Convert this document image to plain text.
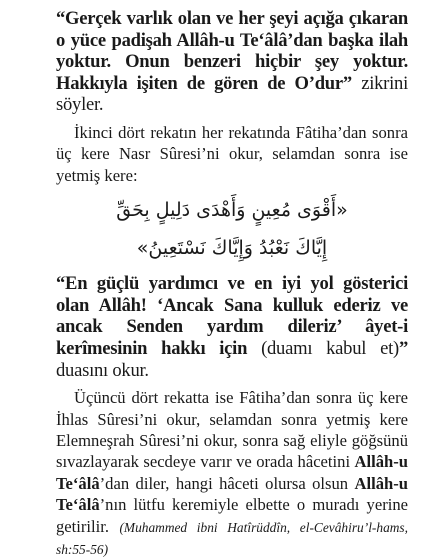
“Gerçek varlık olan ve her şeyi açığa çıkaran o yüce padişah Allâh-u Te‘âlâ’dan başka ilah yoktur. Onun benzeri hiçbir şey yoktur. Hakkıyla işiten de gören de O’dur” zikrini söyler.

İkinci dört rekatın her rekatında Fâtiha’dan sonra üç kere Nasr Sûresi’ni okur, selamdan sonra ise yetmiş kere:

«أَقْوَى مُعِينٍ وَأَهْدَى دَلِيلٍ بِحَقِّ
إِيَّاكَ نَعْبُدُ وَإِيَّاكَ نَسْتَعِينُ»

“En güçlü yardımcı ve en iyi yol gösterici olan Allâh! ‘Ancak Sana kulluk ederiz ve ancak Senden yardım dileriz’ âyet-i kerîmesinin hakkı için (duamı kabul et)” duasını okur.

Üçüncü dört rekatta ise Fâtiha’dan sonra üç kere İhlas Sûresi’ni okur, selamdan sonra yetmiş kere Elemneşrah Sûresi’ni okur, sonra sağ eliyle göğsünü sıvazlayarak secdeye varır ve orada hâcetini Allâh-u Te‘âlâ’dan diler, hangi hâceti olursa olsun Allâh-u Te‘âlâ’nın lütfu keremiyle elbette o muradı yerine getirilir. (Muhammed ibni Hatîrüddîn, el-Cevâhiru’l-hams, sh:55-56)
